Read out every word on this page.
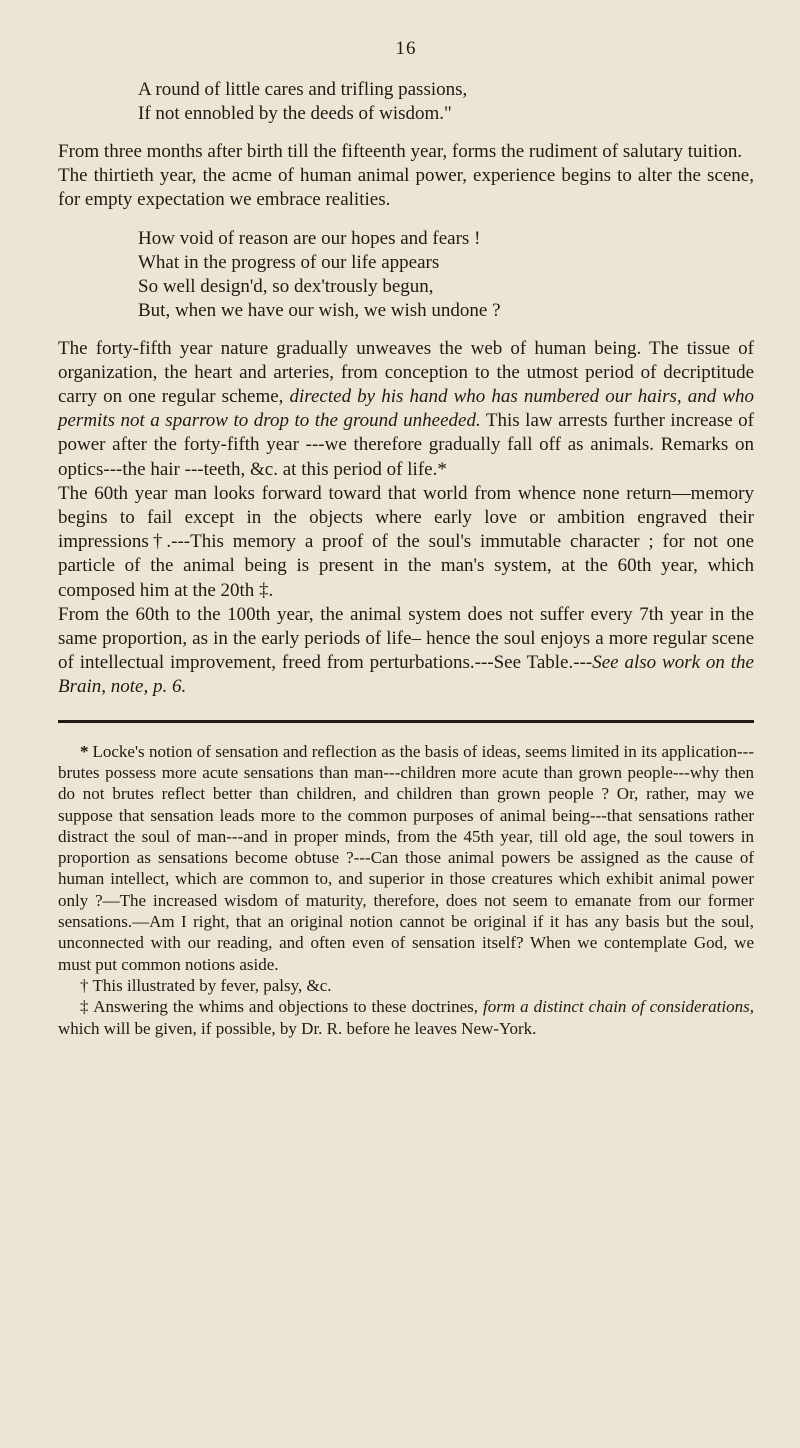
16
A round of little cares and trifling passions,
If not ennobled by the deeds of wisdom."

From three months after birth till the fifteenth year, forms the rudiment of salutary tuition.

The thirtieth year, the acme of human animal power, experience begins to alter the scene, for empty expectation we embrace realities.

How void of reason are our hopes and fears !
What in the progress of our life appears
So well design'd, so dex'trously begun,
But, when we have our wish, we wish undone ?

The forty-fifth year nature gradually unweaves the web of human being. The tissue of organization, the heart and arteries, from conception to the utmost period of decriptitude carry on one regular scheme, directed by his hand who has numbered our hairs, and who permits not a sparrow to drop to the ground unheeded. This law arrests further increase of power after the forty-fifth year ---we therefore gradually fall off as animals. Remarks on optics---the hair ---teeth, &c. at this period of life.*

The 60th year man looks forward toward that world from whence none return—memory begins to fail except in the objects where early love or ambition engraved their impressions†.---This memory a proof of the soul's immutable character ; for not one particle of the animal being is present in the man's system, at the 60th year, which composed him at the 20th ‡.

From the 60th to the 100th year, the animal system does not suffer every 7th year in the same proportion, as in the early periods of life– hence the soul enjoys a more regular scene of intellectual improvement, freed from perturbations.---See Table.---See also work on the Brain, note, p. 6.

* Locke's notion of sensation and reflection as the basis of ideas, seems limited in its application---brutes possess more acute sensations than man---children more acute than grown people---why then do not brutes reflect better than children, and children than grown people ? Or, rather, may we suppose that sensation leads more to the common purposes of animal being---that sensations rather distract the soul of man---and in proper minds, from the 45th year, till old age, the soul towers in proportion as sensations become obtuse ?---Can those animal powers be assigned as the cause of human intellect, which are common to, and superior in those creatures which exhibit animal power only ?—The increased wisdom of maturity, therefore, does not seem to emanate from our former sensations.—Am I right, that an original notion cannot be original if it has any basis but the soul, unconnected with our reading, and often even of sensation itself? When we contemplate God, we must put common notions aside.

† This illustrated by fever, palsy, &c.

‡ Answering the whims and objections to these doctrines, form a distinct chain of considerations, which will be given, if possible, by Dr. R. before he leaves New-York.
